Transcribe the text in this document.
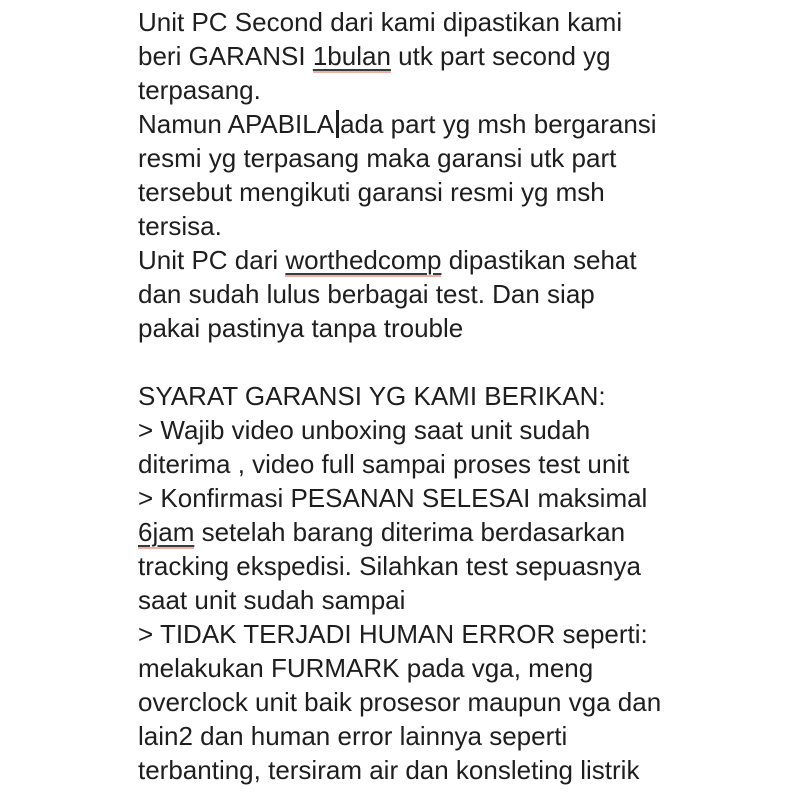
Unit PC Second dari kami dipastikan kami
beri GARANSI 1bulan utk part second yg
terpasang.
Namun APABILA ada part yg msh bergaransi
resmi yg terpasang maka garansi utk part
tersebut mengikuti garansi resmi yg msh
tersisa.
Unit PC dari worthedcomp dipastikan sehat
dan sudah lulus berbagai test. Dan siap
pakai pastinya tanpa trouble

SYARAT GARANSI YG KAMI BERIKAN:
> Wajib video unboxing saat unit sudah
diterima , video full sampai proses test unit
> Konfirmasi PESANAN SELESAI maksimal
6jam setelah barang diterima berdasarkan
tracking ekspedisi. Silahkan test sepuasnya
saat unit sudah sampai
> TIDAK TERJADI HUMAN ERROR seperti:
melakukan FURMARK pada vga, meng
overclock unit baik prosesor maupun vga dan
lain2 dan human error lainnya seperti
terbanting, tersiram air dan konsleting listrik
